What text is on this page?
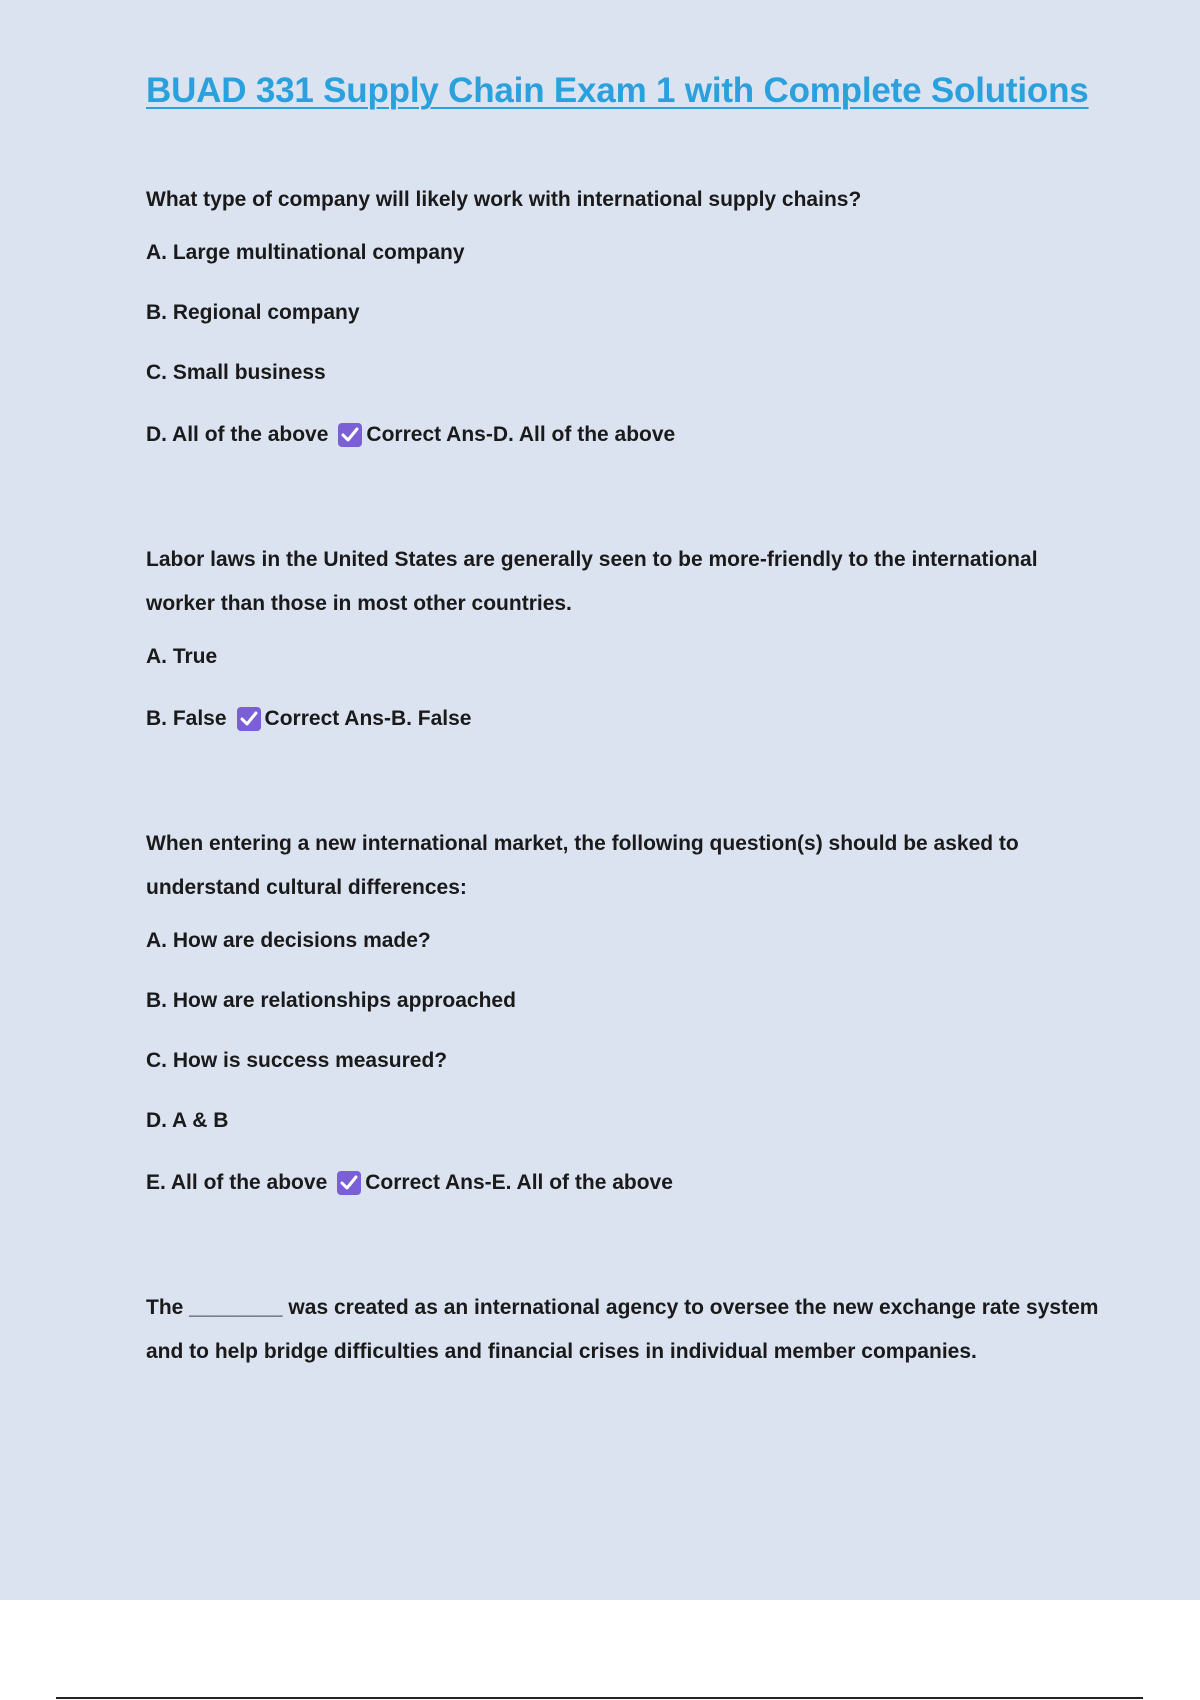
BUAD 331 Supply Chain Exam 1 with Complete Solutions

What type of company will likely work with international supply chains?

A. Large multinational company

B. Regional company

C. Small business

D. All of the above Correct Ans-D. All of the above

Labor laws in the United States are generally seen to be more-friendly to the international

worker than those in most other countries.

A. True

B. False Correct Ans-B. False

When entering a new international market, the following question(s) should be asked to

understand cultural differences:

A. How are decisions made?

B. How are relationships approached

C. How is success measured?

D. A & B

E. All of the above Correct Ans-E. All of the above

The ________ was created as an international agency to oversee the new exchange rate system

and to help bridge difficulties and financial crises in individual member companies.
